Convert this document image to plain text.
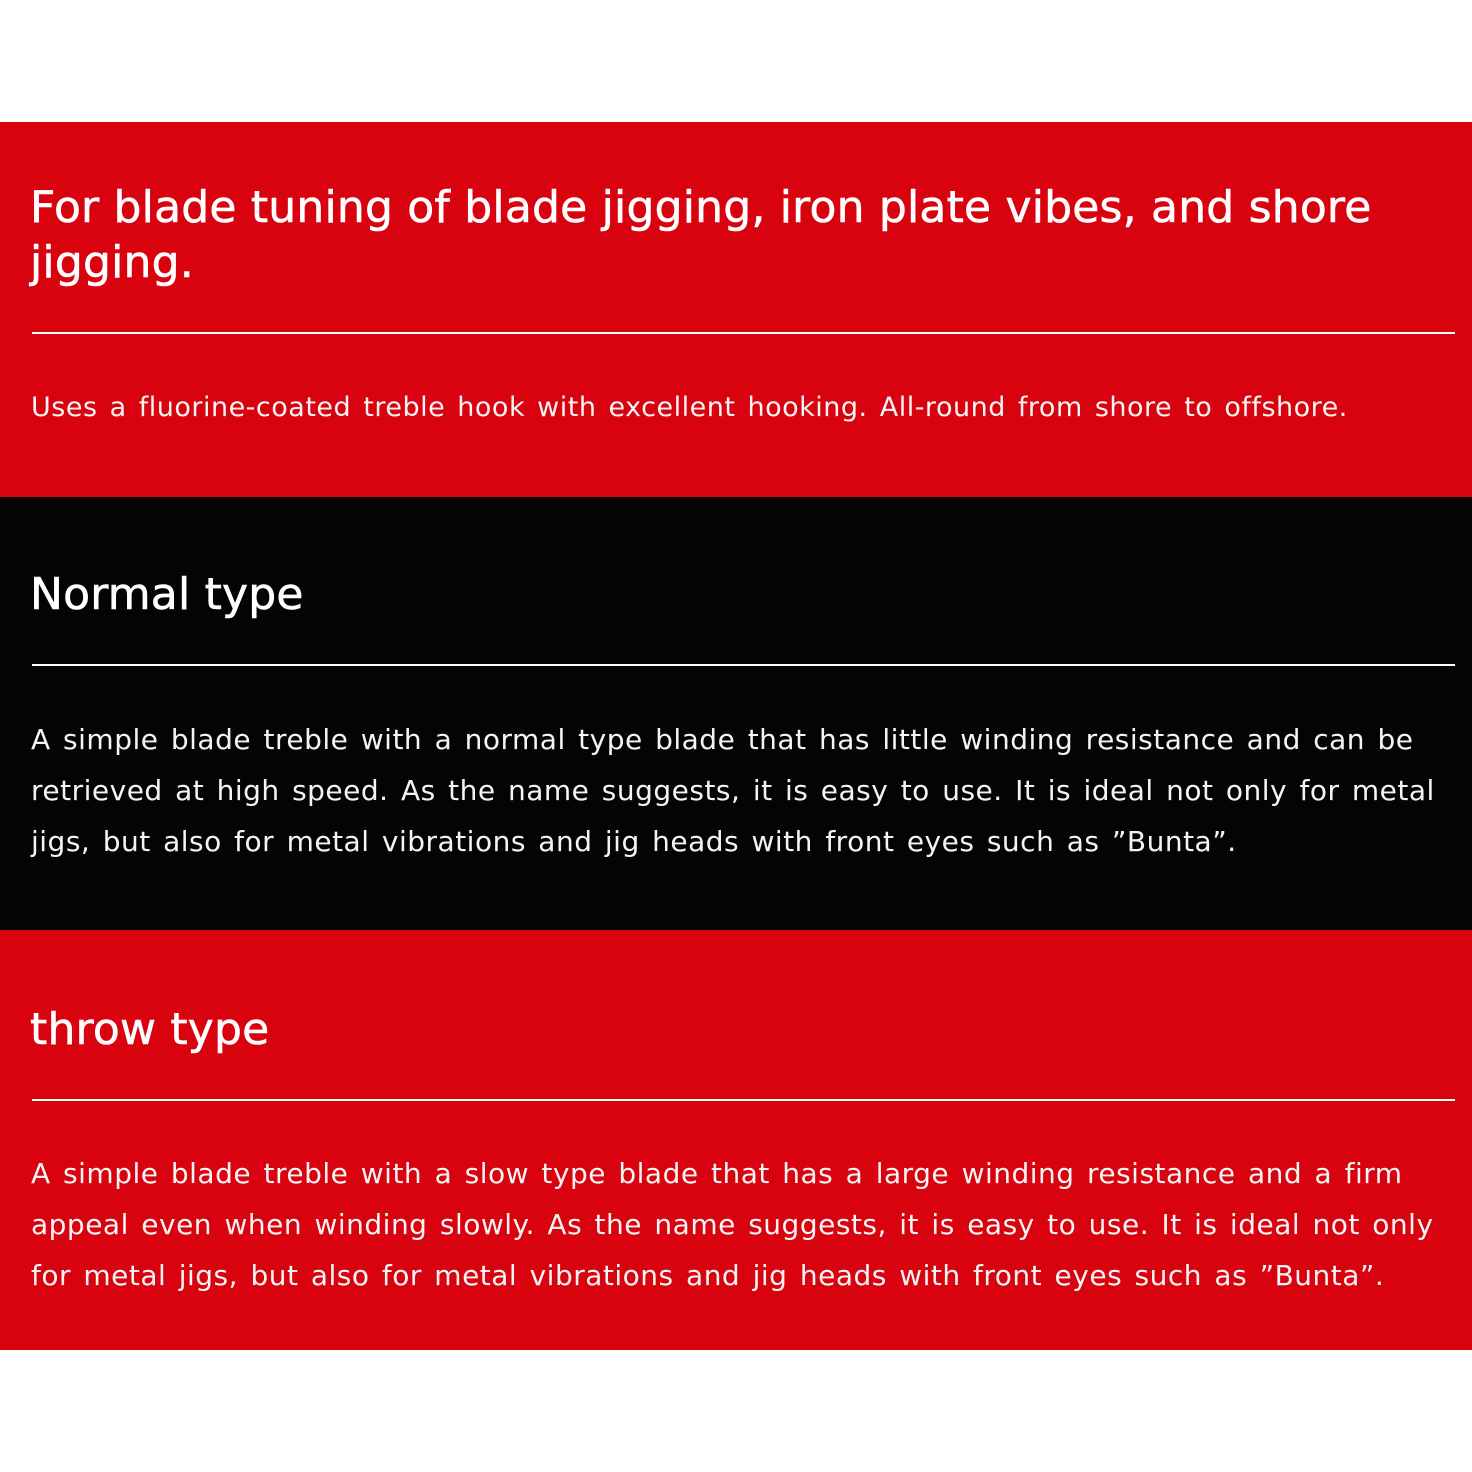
For blade tuning of blade jigging, iron plate vibes, and shore jigging.

Uses a fluorine-coated treble hook with excellent hooking. All-round from shore to offshore.

Normal type

A simple blade treble with a normal type blade that has little winding resistance and can be retrieved at high speed. As the name suggests, it is easy to use. It is ideal not only for metal jigs, but also for metal vibrations and jig heads with front eyes such as ”Bunta”.

throw type

A simple blade treble with a slow type blade that has a large winding resistance and a firm appeal even when winding slowly. As the name suggests, it is easy to use. It is ideal not only for metal jigs, but also for metal vibrations and jig heads with front eyes such as ”Bunta”.
